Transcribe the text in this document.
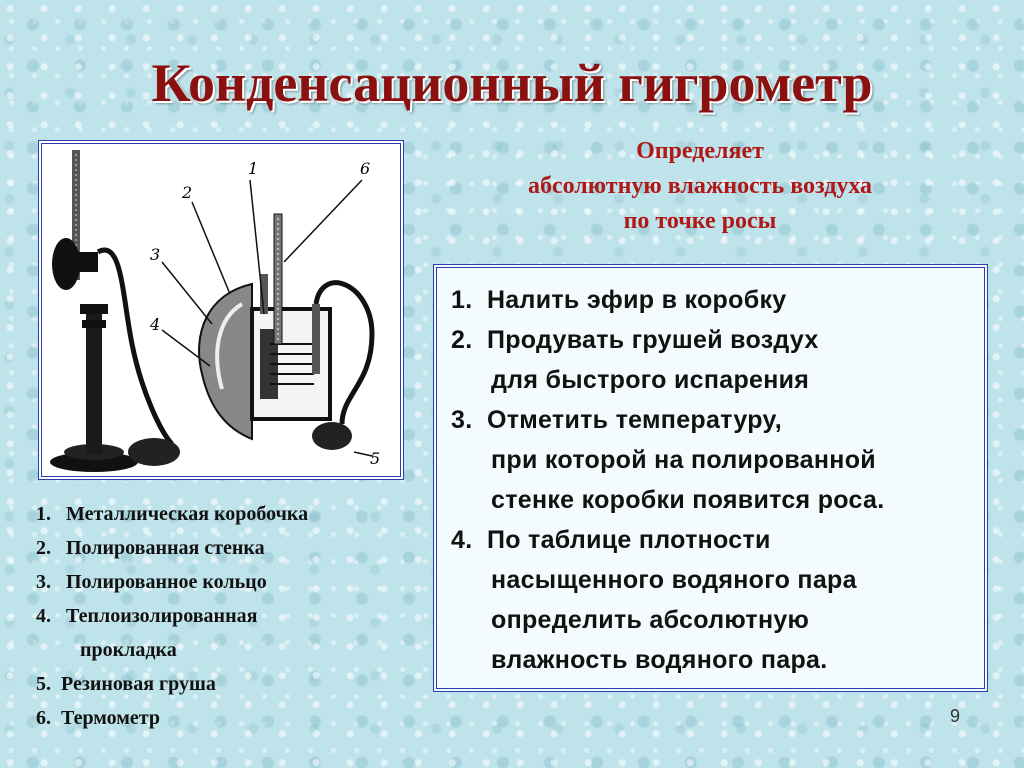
Конденсационный гигрометр
Определяет
абсолютную влажность воздуха
по точке росы
1
2
3
4
5
6
1. Металлическая коробочка
2. Полированная стенка
3. Полированное кольцо
4. Теплоизолированная
прокладка
5. Резиновая груша
6. Термометр
1. Налить эфир в коробку
2. Продувать грушей воздух
для быстрого испарения
3. Отметить температуру,
при которой на полированной
стенке коробки появится роса.
4. По таблице плотности
насыщенного водяного пара
определить абсолютную
влажность водяного пара.
9
